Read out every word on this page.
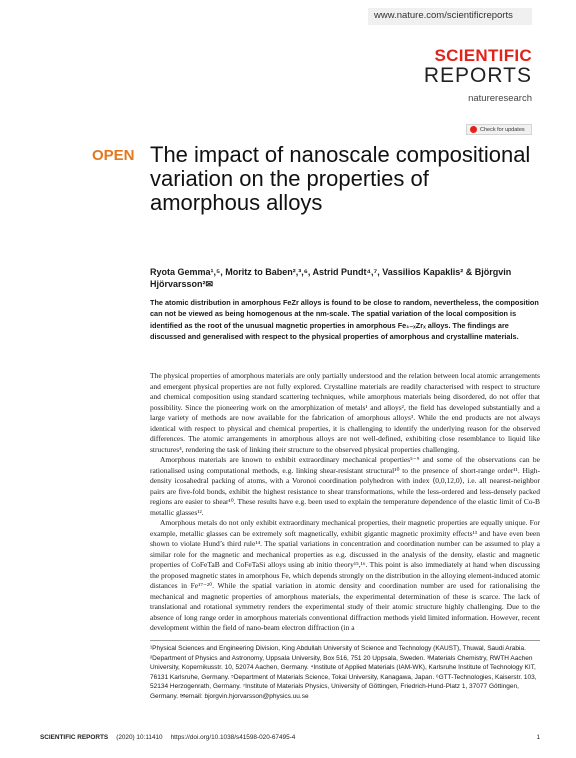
www.nature.com/scientificreports
SCIENTIFIC
REPORTS
natureresearch
Check for updates
OPEN The impact of nanoscale compositional variation on the properties of amorphous alloys
Ryota Gemma¹,⁵, Moritz to Baben²,³,⁶, Astrid Pundt⁴,⁷, Vassilios Kapaklis² & Björgvin Hjörvarsson²✉
The atomic distribution in amorphous FeZr alloys is found to be close to random, nevertheless, the composition can not be viewed as being homogenous at the nm-scale. The spatial variation of the local composition is identified as the root of the unusual magnetic properties in amorphous Fe₁₋ₓZrₓ alloys. The findings are discussed and generalised with respect to the physical properties of amorphous and crystalline materials.

The physical properties of amorphous materials are only partially understood and the relation between local atomic arrangements and emergent physical properties are not fully explored. Crystalline materials are readily characterised with respect to structure and chemical composition using standard scattering techniques, while amorphous materials being disordered, do not offer that possibility. Since the pioneering work on the amorphization of metals¹ and alloys², the field has developed substantially and a large variety of methods are now available for the fabrication of amorphous alloys³. While the end products are not always identical with respect to physical and chemical properties, it is challenging to identify the underlying reason for the observed differences. The atomic arrangements in amorphous alloys are not well-defined, exhibiting close resemblance to liquid like structures⁴, rendering the task of linking their structure to the observed physical properties challenging.

Amorphous materials are known to exhibit extraordinary mechanical properties⁵⁻⁹ and some of the observations can be rationalised using computational methods, e.g. linking shear-resistant structural¹⁰ to the presence of short-range order¹¹. High-density icosahedral packing of atoms, with a Voronoi coordination polyhedron with index ⟨0,0,12,0⟩, i.e. all nearest-neighbor pairs are five-fold bonds, exhibit the highest resistance to shear transformations, while the less-ordered and less-densely packed regions are easier to shear¹⁰. These results have e.g. been used to explain the temperature dependence of the elastic limit of Co-B metallic glasses¹².

Amorphous metals do not only exhibit extraordinary mechanical properties, their magnetic properties are equally unique. For example, metallic glasses can be extremely soft magnetically, exhibit gigantic magnetic proximity effects¹³ and have even been shown to violate Hund’s third rule¹⁴. The spatial variations in concentration and coordination number can be assumed to play a similar role for the magnetic and mechanical properties as e.g. discussed in the analysis of the density, elastic and magnetic properties of CoFeTaB and CoFeTaSi alloys using ab initio theory¹⁵,¹⁶. This point is also immediately at hand when discussing the proposed magnetic states in amorphous Fe, which depends strongly on the distribution in the alloying element-induced atomic distances in Fe¹⁷⁻²⁰. While the spatial variation in atomic density and coordination number are used for rationalising the mechanical and magnetic properties of amorphous materials, the experimental determination of these is scarce. The lack of translational and rotational symmetry renders the experimental study of their atomic structure highly challenging. Due to the absence of long range order in amorphous materials conventional diffraction methods yield limited information. However, recent development within the field of nano-beam electron diffraction (in a

¹Physical Sciences and Engineering Division, King Abdullah University of Science and Technology (KAUST), Thuwal, Saudi Arabia. ²Department of Physics and Astronomy, Uppsala University, Box 516, 751 20 Uppsala, Sweden. ³Materials Chemistry, RWTH Aachen University, Kopernikusstr. 10, 52074 Aachen, Germany. ⁴Institute of Applied Materials (IAM-WK), Karlsruhe Institute of Technology KIT, 76131 Karlsruhe, Germany. ⁵Department of Materials Science, Tokai University, Kanagawa, Japan. ⁶GTT-Technologies, Kaiserstr. 103, 52134 Herzogenrath, Germany. ⁷Institute of Materials Physics, University of Göttingen, Friedrich-Hund-Platz 1, 37077 Göttingen, Germany. ✉email: bjorgvin.hjorvarsson@physics.uu.se
SCIENTIFIC REPORTS (2020) 10:11410 https://doi.org/10.1038/s41598-020-67495-4	1
